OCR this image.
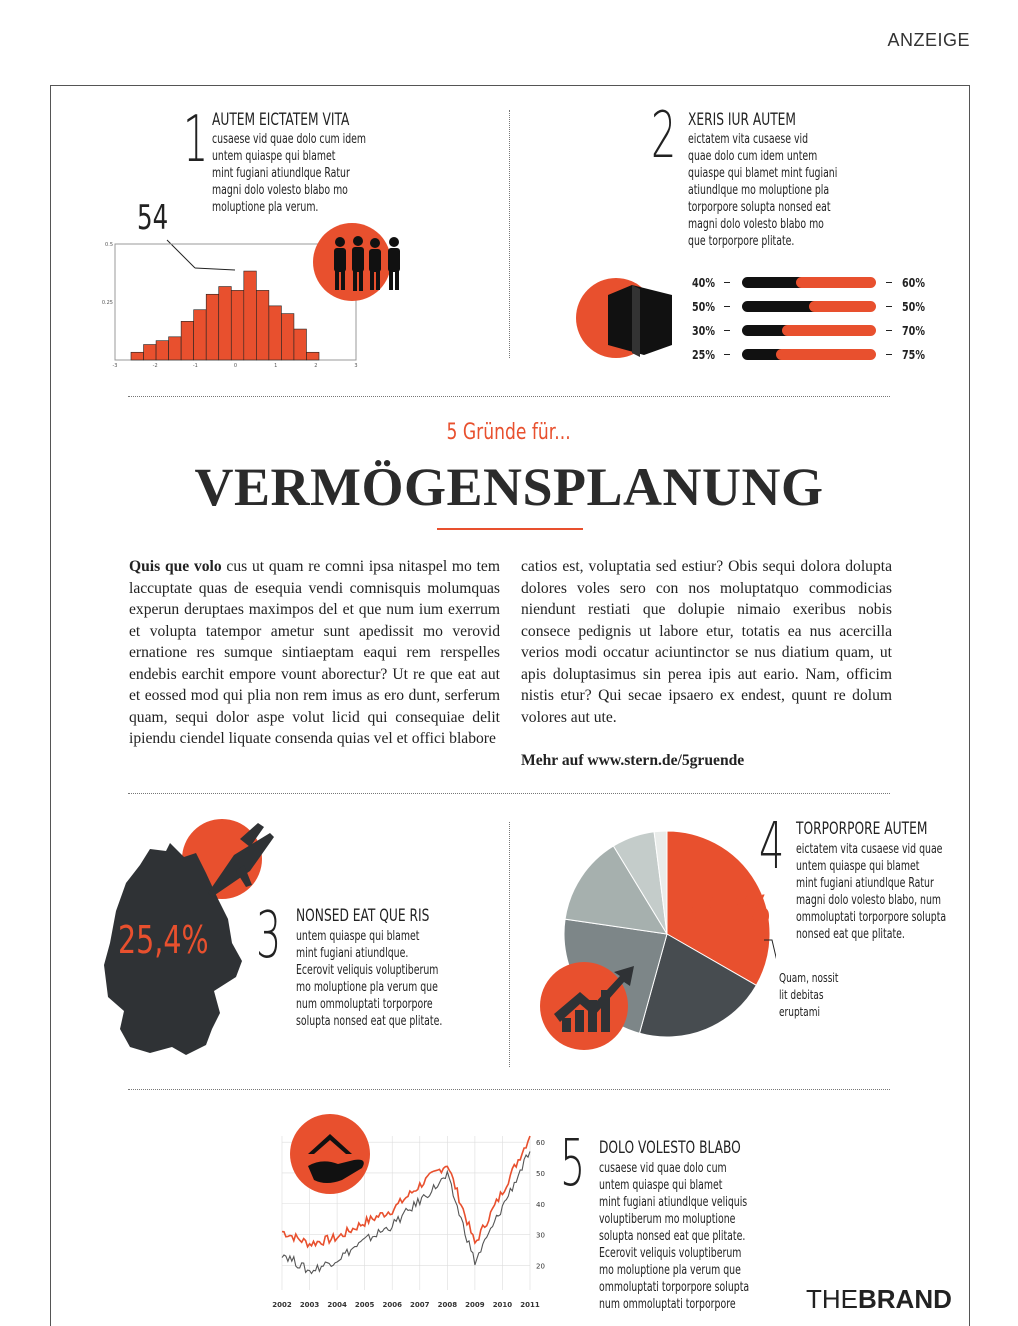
ANZEIGE
1 AUTEM EICTATEM VITA
cusaese vid quae dolo cum idem
untem quiaspe qui blamet
mint fugiani atiundlque Ratur
magni dolo volesto blabo mo
moluptione pla verum.
54
0.5
0.25
-3	-2	-1	0	1	2	3
2 XERIS IUR AUTEM
eictatem vita cusaese vid
quae dolo cum idem untem
quiaspe qui blamet mint fugiani
atiundlque mo moluptione pla
torporpore solupta nonsed eat
magni dolo volesto blabo mo
que torporpore plitate.
40%	60%
50%	50%
30%	70%
25%	75%
5 Gründe für...
VERMÖGENSPLANUNG
Quis que volo cus ut quam re comni ipsa nitaspel mo tem laccuptate quas de esequia vendi comnisquis molumquas experun deruptaes maximpos del et que num ium exerrum et volupta tatempor ametur sunt apedissit mo verovid ernatione res sumque sintiaeptam eaqui rem rerspelles endebis earchit empore vount aborectur? Ut re que eat aut et eossed mod qui plia non rem imus as ero dunt, serferum quam, sequi dolor aspe volut licid qui consequiae delit ipiendu ciendel liquate consenda quias vel et offici blabore
catios est, voluptatia sed estiur? Obis sequi dolora dolupta dolores voles sero con nos moluptatquo commodicias niendunt restiati que dolupie nimaio exeribus nobis consece pedignis ut labore etur, totatis ea nus acercilla verios modi occatur aciuntinctor se nus diatium quam, ut apis doluptasimus sin perea ipis aut eario. Nam, officim nistis etur? Qui secae ipsaero ex endest, quunt re dolum volores aut ute.
Mehr auf www.stern.de/5gruende
25,4% 3 NONSED EAT QUE RIS
untem quiaspe qui blamet
mint fugiani atiundlque.
Ecerovit veliquis voluptiberum
mo moluptione pla verum que
num ommoluptati torporpore
solupta nonsed eat que plitate.
33,3%
Quam, nossit
lit debitas
eruptami
4 TORPORPORE AUTEM
eictatem vita cusaese vid quae
untem quiaspe qui blamet
mint fugiani atiundlque Ratur
magni dolo volesto blabo, num
ommoluptati torporpore solupta
nonsed eat que plitate.
60
50
40
30
20
2002 2003 2004 2005 2006 2007 2008 2009 2010 2011
5 DOLO VOLESTO BLABO
cusaese vid quae dolo cum
untem quiaspe qui blamet
mint fugiani atiundlque veliquis
voluptiberum mo moluptione
solupta nonsed eat que plitate.
Ecerovit veliquis voluptiberum
mo moluptione pla verum que
ommoluptati torporpore solupta
num ommoluptati torporpore	THEBRAND
